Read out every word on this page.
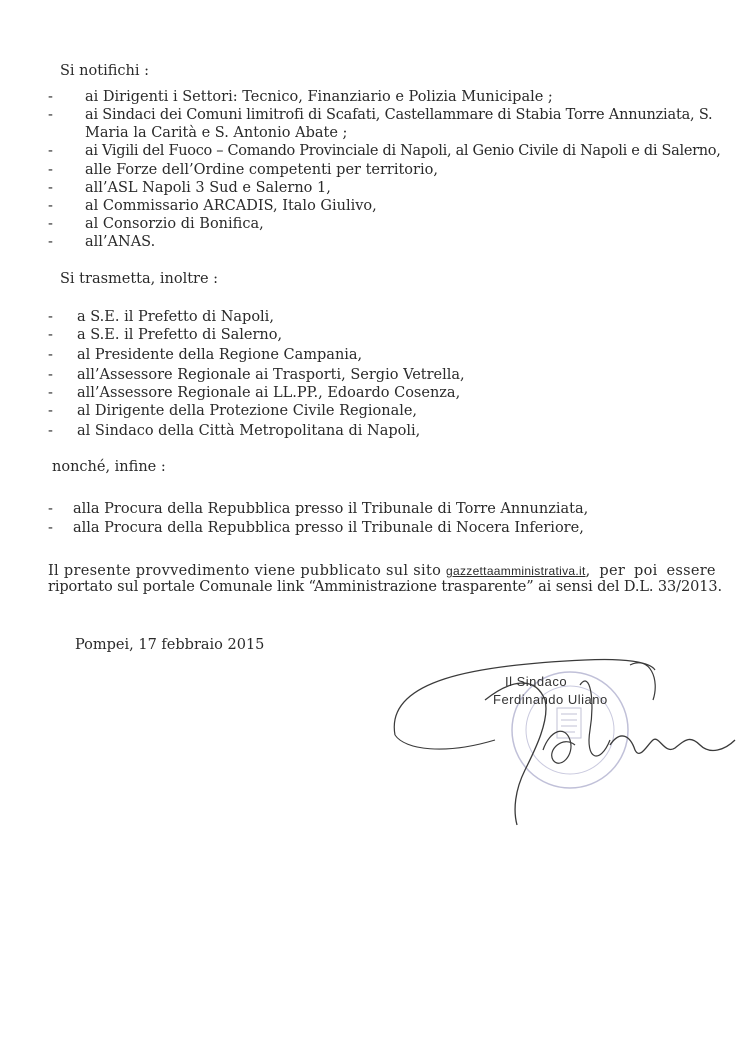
Si notifichi :
- ai Dirigenti i Settori: Tecnico, Finanziario e Polizia Municipale ;
- ai Sindaci dei Comuni limitrofi di Scafati, Castellammare di Stabia Torre Annunziata, S.
Maria la Carità e S. Antonio Abate ;
- ai Vigili del Fuoco – Comando Provinciale di Napoli, al Genio Civile di Napoli e di Salerno,
- alle Forze dell’Ordine competenti per territorio,
- all’ASL Napoli 3 Sud e Salerno 1,
- al Commissario ARCADIS, Italo Giulivo,
- al Consorzio di Bonifica,
- all’ANAS.
Si trasmetta, inoltre :
- a S.E. il Prefetto di Napoli,
- a S.E. il Prefetto di Salerno,
- al Presidente della Regione Campania,
- all’Assessore Regionale ai Trasporti, Sergio Vetrella,
- all’Assessore Regionale ai LL.PP., Edoardo Cosenza,
- al Dirigente della Protezione Civile Regionale,
- al Sindaco della Città Metropolitana di Napoli,
nonché, infine :
- alla Procura della Repubblica presso il Tribunale di Torre Annunziata,
- alla Procura della Repubblica presso il Tribunale di Nocera Inferiore,
Il presente provvedimento viene pubblicato sul sito gazzettaamministrativa.it, per poi essere
riportato sul portale Comunale link “Amministrazione trasparente” ai sensi del D.L. 33/2013.
Pompei, 17 febbraio 2015
Il Sindaco
Ferdinando Uliano
